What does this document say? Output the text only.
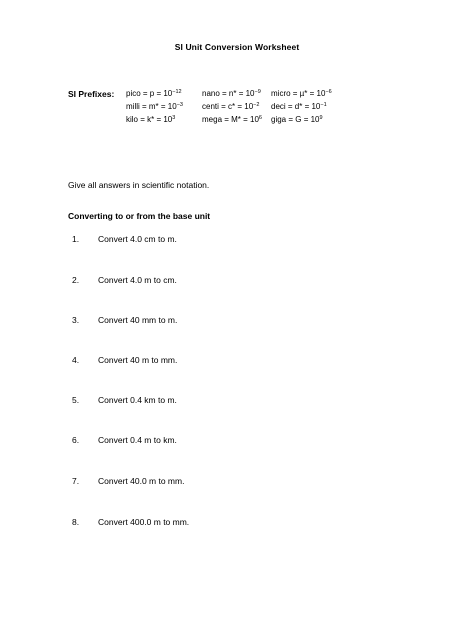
SI Unit Conversion Worksheet
SI Prefixes: pico = $p = 10^{-12}$	nano = $n* = 10^{-9}$ micro = $\mu* = 10^{-6}$
milli = $m* = 10^{-3}$ centi = $c* = 10^{-2}$ deci = $d* = 10^{-1}$
kilo = $k* = 10^3$	mega = $M* = 10^6$ giga = $G = 10^9$
Give all answers in scientific notation.
Converting to or from the base unit
1. Convert 4.0 cm to m.
2. Convert 4.0 m to cm.
3. Convert 40 mm to m.
4. Convert 40 m to mm.
5. Convert 0.4 km to m.
6. Convert 0.4 m to km.
7. Convert 40.0 m to mm.
8. Convert 400.0 m to mm.
